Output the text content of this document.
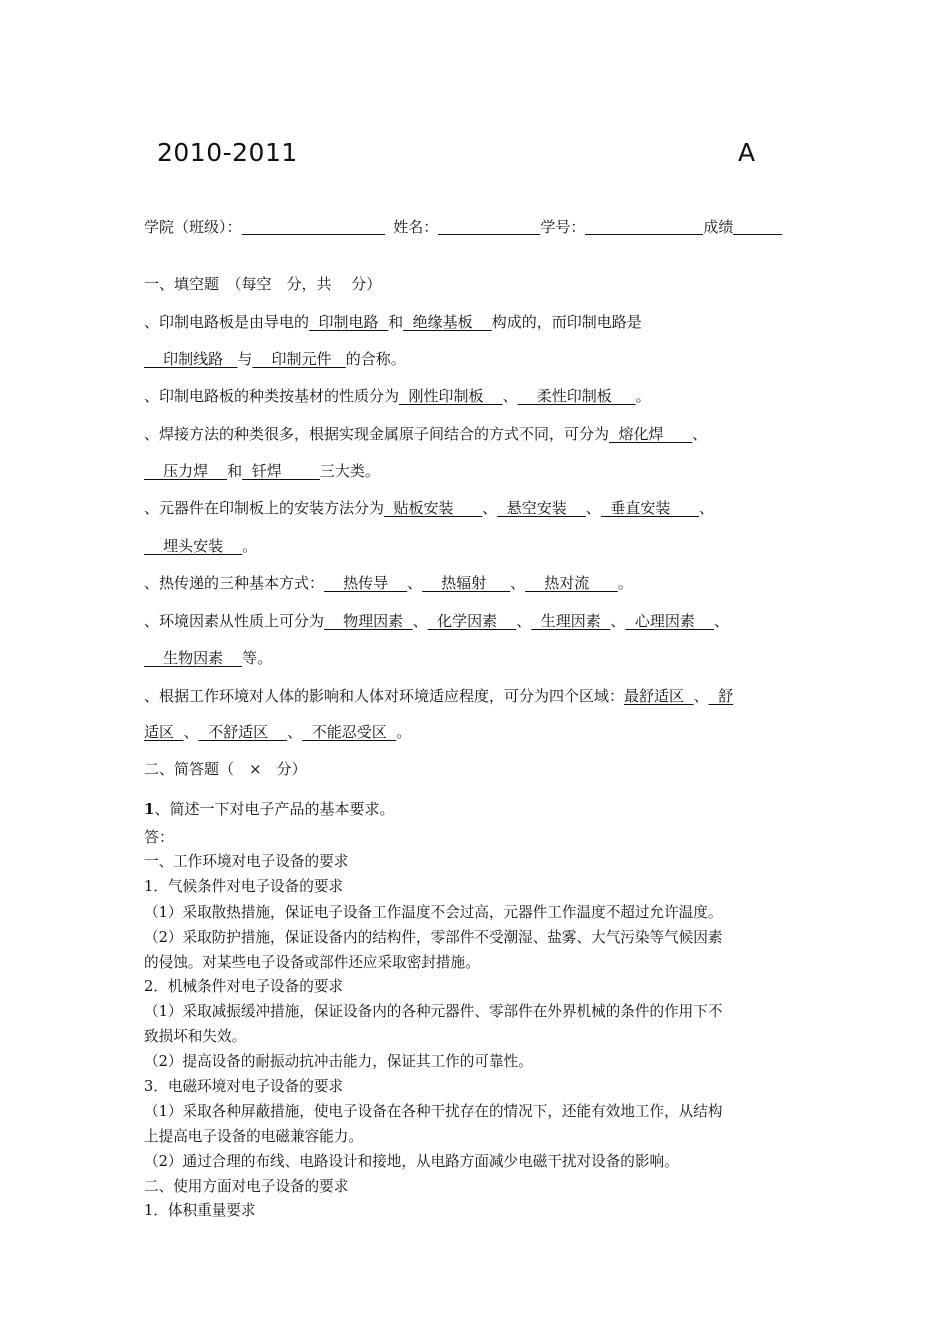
2010-2011	A
学院（班级）：	姓名：	学号：	成绩
一、填空题　（每空　分，共　 分）
、印制电路板是由导电的  印制电路  和  绝缘基板    构成的，而印制电路是
印制线路   与    印制元件   的合称。
、印制电路板的种类按基材的性质分为  刚性印制板    、    柔性印制板     。
、焊接方法的种类很多，根据实现金属原子间结合的方式不同，可分为  熔化焊      、
压力焊    和  钎焊        三大类。
、元器件在印制板上的安装方法分为  贴板安装      、  悬空安装    、  垂直安装      、
埋头安装    。
、热传递的三种基本方式：    热传导    、    热辐射     、    热对流      。
、环境因素从性质上可分为    物理因素  、  化学因素    、  生理因素  、  心理因素    、
生物因素    等。
、根据工作环境对人体的影响和人体对环境适应程度，可分为四个区域：最舒适区  、  舒
适区  、  不舒适区    、  不能忍受区  。
二、简答题（　×　分）
1、简述一下对电子产品的基本要求。
答：
一、工作环境对电子设备的要求
1．气候条件对电子设备的要求
（1）采取散热措施，保证电子设备工作温度不会过高，元器件工作温度不超过允许温度。
（2）采取防护措施，保证设备内的结构件，零部件不受潮湿、盐雾、大气污染等气候因素
的侵蚀。对某些电子设备或部件还应采取密封措施。
2．机械条件对电子设备的要求
（1）采取减振缓冲措施，保证设备内的各种元器件、零部件在外界机械的条件的作用下不
致损坏和失效。
（2）提高设备的耐振动抗冲击能力，保证其工作的可靠性。
3．电磁环境对电子设备的要求
（1）采取各种屏蔽措施，使电子设备在各种干扰存在的情况下，还能有效地工作，从结构
上提高电子设备的电磁兼容能力。
（2）通过合理的布线、电路设计和接地，从电路方面减少电磁干扰对设备的影响。
二、使用方面对电子设备的要求
1．体积重量要求
